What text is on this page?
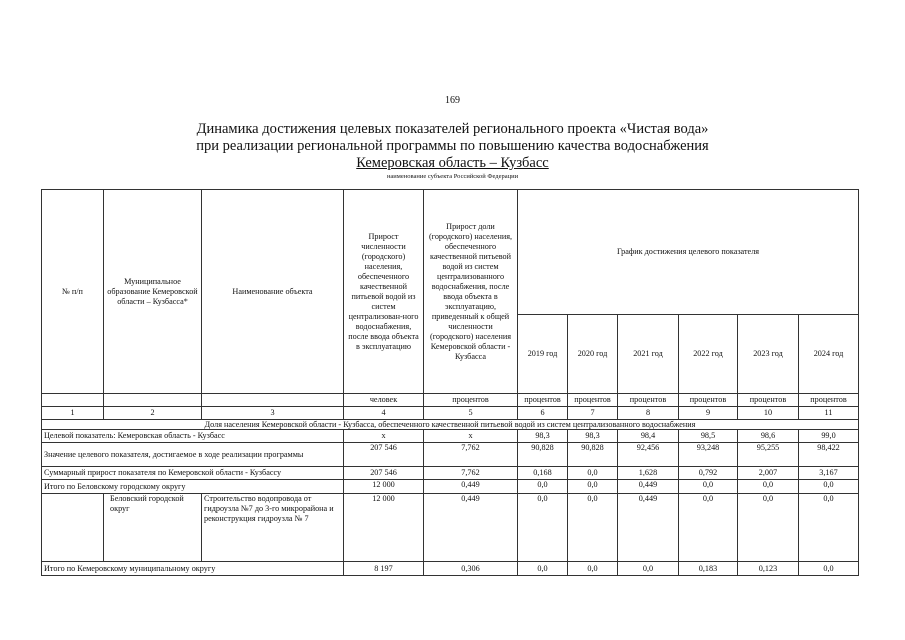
169
Динамика достижения целевых показателей регионального проекта «Чистая вода»
при реализации региональной программы по повышению качества водоснабжения
Кемеровская область – Кузбасс
наименование субъекта Российской Федерации
№ п/п	Муниципальное образование Кемеровской области – Кузбасса*	Наименование объекта	Прирост численности (городского) населения, обеспеченного качественной питьевой водой из систем централизован-ного водоснабжения, после ввода объекта в эксплуатацию	Прирост доли (городского) населения, обеспеченного качественной питьевой водой из систем централизованного водоснабжения, после ввода объекта в эксплуатацию, приведенный к общей численности (городского) населения Кемеровской области - Кузбасса	График достижения целевого показателя					
					2019 год	2020 год	2021 год	2022 год	2023 год	2024 год
			человек	процентов	процентов	процентов	процентов	процентов	процентов	процентов
1	2	3	4	5	6	7	8	9	10	11
Доля населения Кемеровской области - Кузбасса, обеспеченного качественной питьевой водой из систем централизованного водоснабжения										
Целевой показатель: Кемеровская область - Кузбасс			x	x	98,3	98,3	98,4	98,5	98,6	99,0
Значение целевого показателя, достигаемое в ходе реализации программы			207 546	7,762	90,828	90,828	92,456	93,248	95,255	98,422
Суммарный прирост показателя по Кемеровской области - Кузбассу			207 546	7,762	0,168	0,0	1,628	0,792	2,007	3,167
Итого по Беловскому городскому округу			12 000	0,449	0,0	0,0	0,449	0,0	0,0	0,0
	Беловский городской округ	Строительство водопровода от гидроузла №7 до 3-го микрорайона и реконструкция гидроузла № 7	12 000	0,449	0,0	0,0	0,449	0,0	0,0	0,0
Итого по Кемеровскому муниципальному округу			8 197	0,306	0,0	0,0	0,0	0,183	0,123	0,0
